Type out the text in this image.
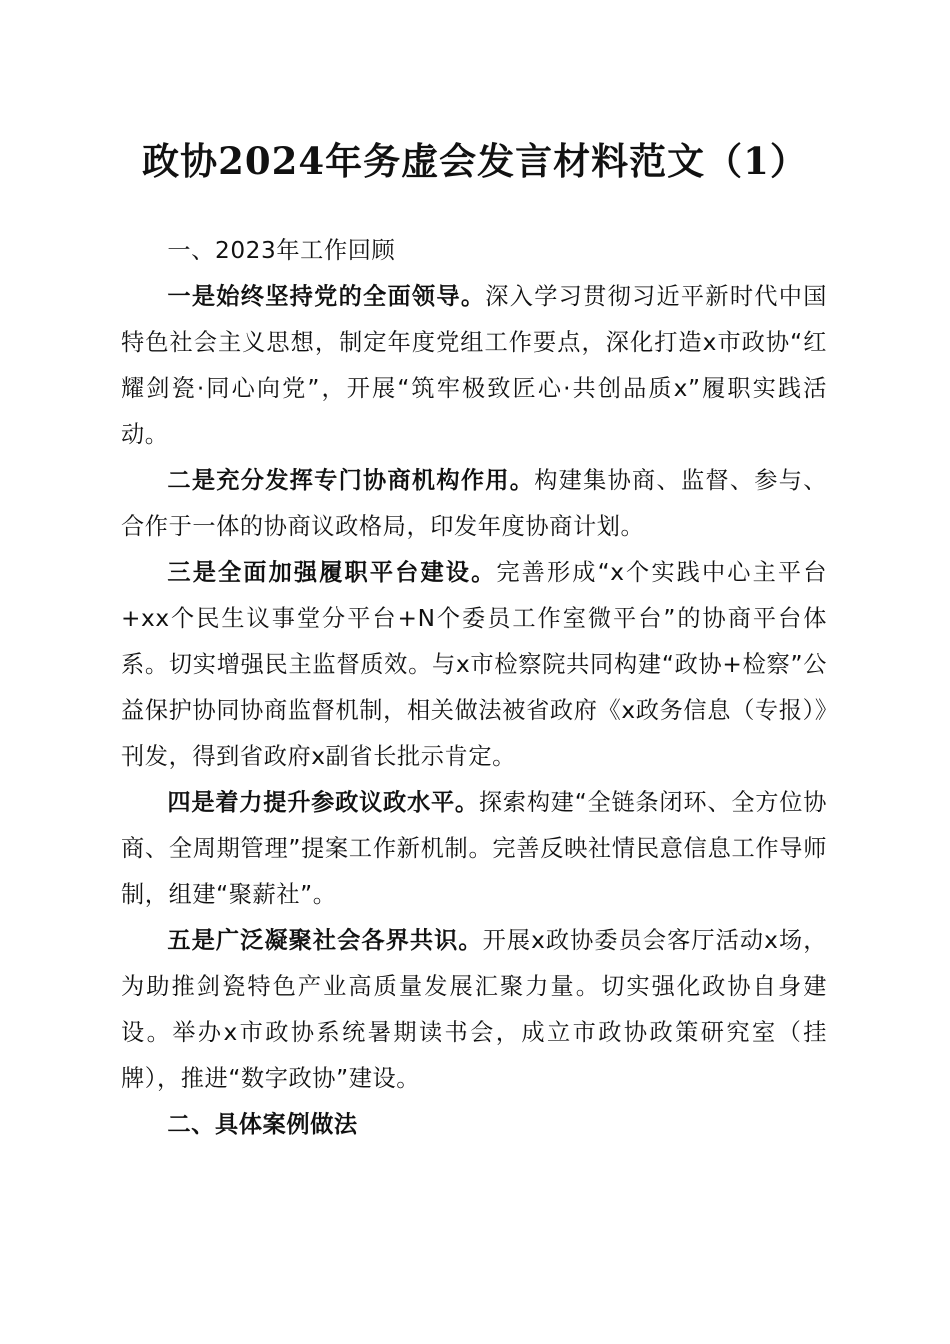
政协2024年务虚会发言材料范文（1）

一、2023年工作回顾

一是始终坚持党的全面领导。深入学习贯彻习近平新时代中国特色社会主义思想，制定年度党组工作要点，深化打造x市政协“红耀剑瓷·同心向党”，开展“筑牢极致匠心·共创品质x”履职实践活动。

二是充分发挥专门协商机构作用。构建集协商、监督、参与、合作于一体的协商议政格局，印发年度协商计划。

三是全面加强履职平台建设。完善形成“x个实践中心主平台+xx个民生议事堂分平台+N个委员工作室微平台”的协商平台体系。切实增强民主监督质效。与x市检察院共同构建“政协+检察”公益保护协同协商监督机制，相关做法被省政府《x政务信息（专报）》刊发，得到省政府x副省长批示肯定。

四是着力提升参政议政水平。探索构建“全链条闭环、全方位协商、全周期管理”提案工作新机制。完善反映社情民意信息工作导师制，组建“聚薪社”。

五是广泛凝聚社会各界共识。开展x政协委员会客厅活动x场，为助推剑瓷特色产业高质量发展汇聚力量。切实强化政协自身建设。举办x市政协系统暑期读书会，成立市政协政策研究室（挂牌），推进“数字政协”建设。

二、具体案例做法
